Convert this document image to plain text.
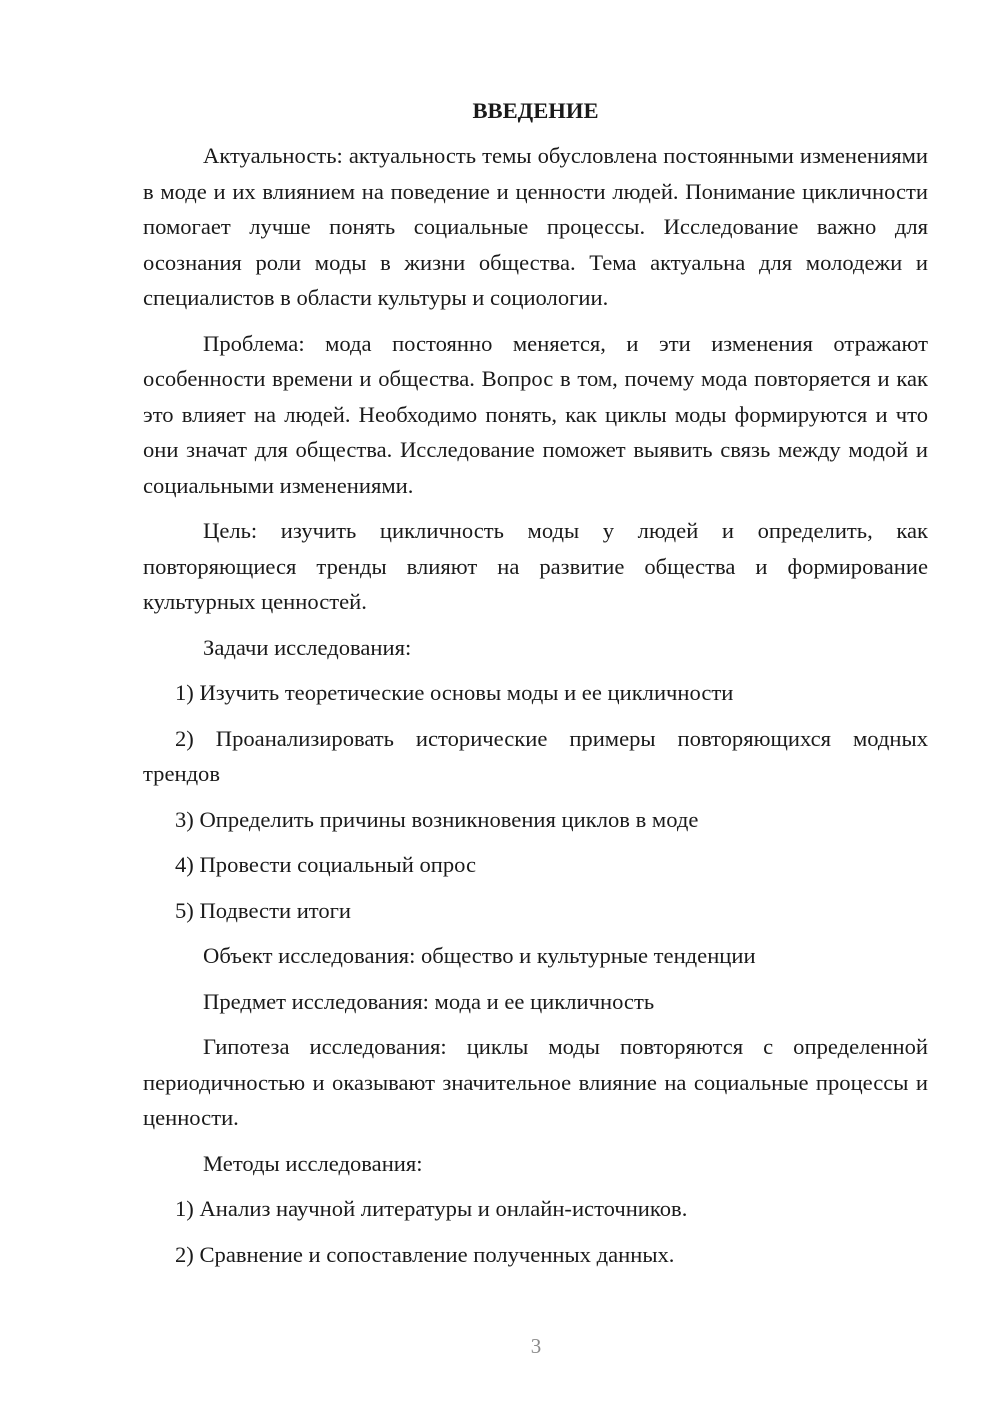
ВВЕДЕНИЕ

Актуальность: актуальность темы обусловлена постоянными изменениями в моде и их влиянием на поведение и ценности людей. Понимание цикличности помогает лучше понять социальные процессы. Исследование важно для осознания роли моды в жизни общества. Тема актуальна для молодежи и специалистов в области культуры и социологии.

Проблема: мода постоянно меняется, и эти изменения отражают особенности времени и общества. Вопрос в том, почему мода повторяется и как это влияет на людей. Необходимо понять, как циклы моды формируются и что они значат для общества. Исследование поможет выявить связь между модой и социальными изменениями.

Цель: изучить цикличность моды у людей и определить, как повторяющиеся тренды влияют на развитие общества и формирование культурных ценностей.

Задачи исследования:

1) Изучить теоретические основы моды и ее цикличности

2) Проанализировать исторические примеры повторяющихся модных трендов

3) Определить причины возникновения циклов в моде

4) Провести социальный опрос

5) Подвести итоги

Объект исследования: общество и культурные тенденции

Предмет исследования: мода и ее цикличность

Гипотеза исследования: циклы моды повторяются с определенной периодичностью и оказывают значительное влияние на социальные процессы и ценности.

Методы исследования:

1) Анализ научной литературы и онлайн-источников.

2) Сравнение и сопоставление полученных данных.

3
